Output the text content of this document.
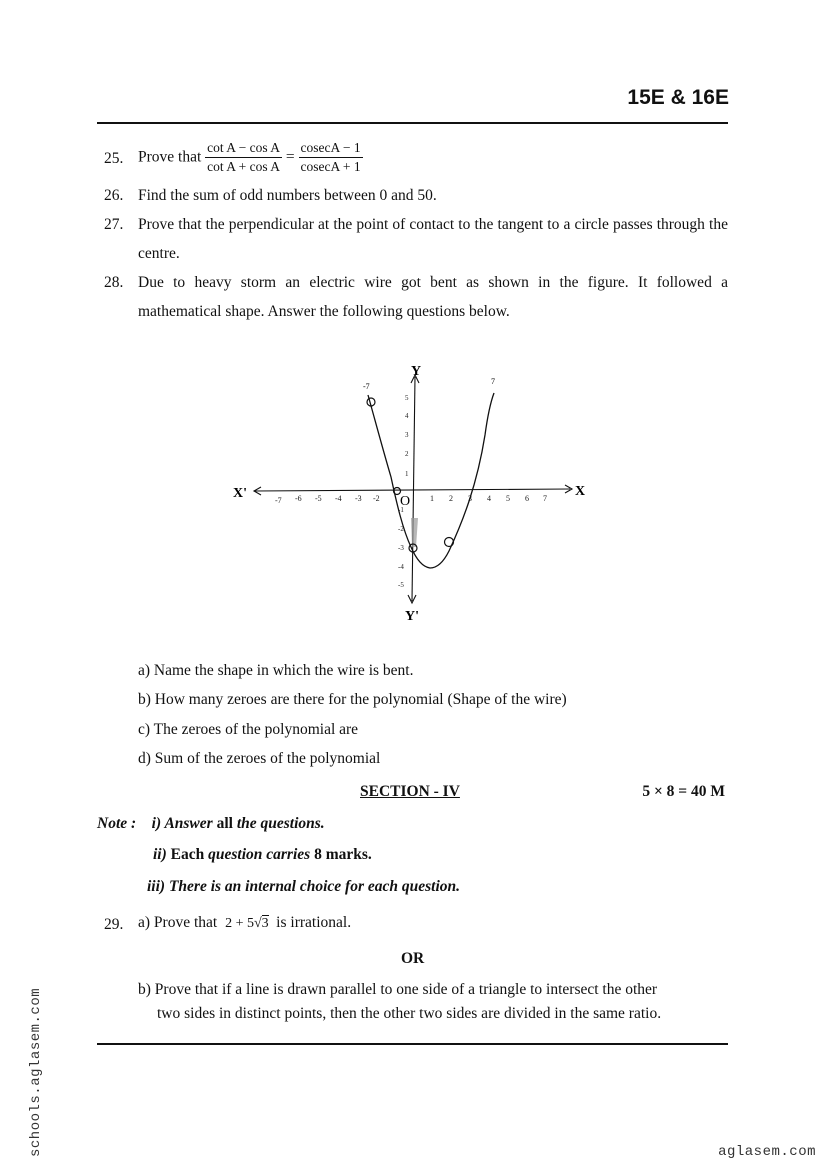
15E & 16E
25. Prove that $\frac{\text{cot A − cos A}}{\text{cot A + cos A}} = \frac{cosecA - 1}{cosecA + 1}$
26. Find the sum of odd numbers between 0 and 50.
27. Prove that the perpendicular at the point of contact to the tangent to a circle passes through the centre.
28. Due to heavy storm an electric wire got bent as shown in the figure. It followed a mathematical shape. Answer the following questions below.
Y
Y'
X
X'
O 1 2 3 4 5 6 7
-7 -6 -5 -4 -3 -2
1
2
3
4
5
-1
-2
-3
-4
-5
-7
7
a) Name the shape in which the wire is bent.
b) How many zeroes are there for the polynomial (Shape of the wire)
c) The zeroes of the polynomial are
d) Sum of the zeroes of the polynomial
SECTION - IV	5 × 8 = 40 M
Note : i) Answer all the questions.
ii) Each question carries 8 marks.
iii) There is an internal choice for each question.
29. a) Prove that 2 + 5√3 is irrational.
OR
b) Prove that if a line is drawn parallel to one side of a triangle to intersect the other
two sides in distinct points, then the other two sides are divided in the same ratio.
schools.aglasem.com	aglasem.com
